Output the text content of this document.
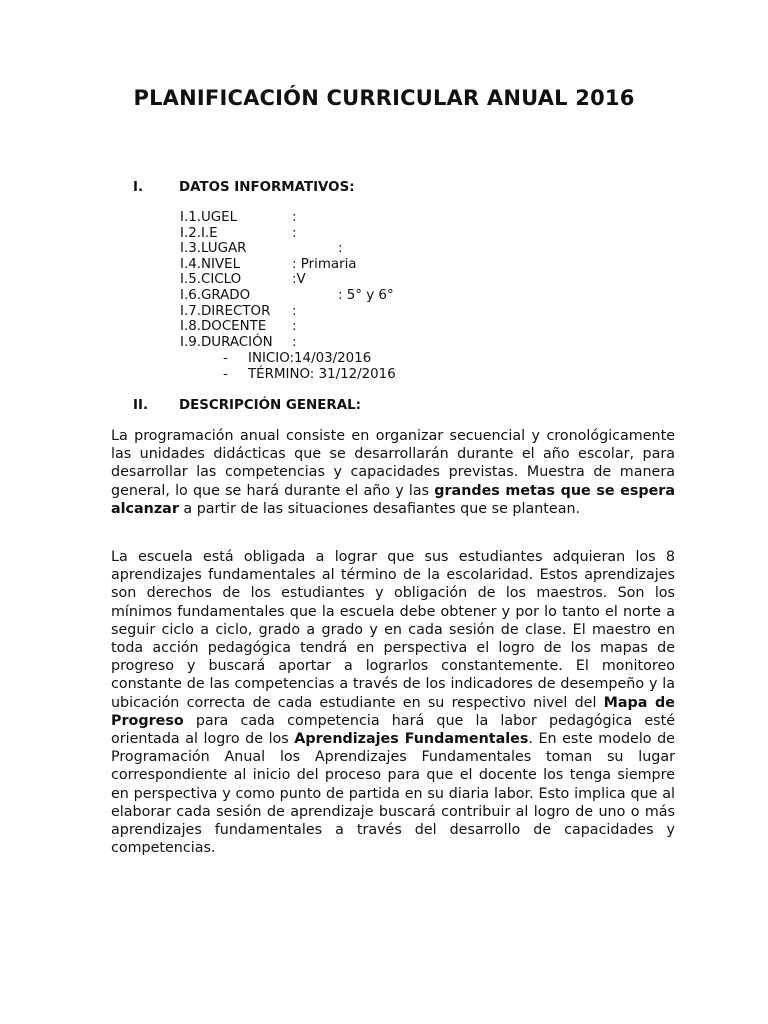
PLANIFICACIÓN CURRICULAR ANUAL 2016
I.	DATOS INFORMATIVOS:
I.1.UGEL	:
I.2.I.E	:
I.3.LUGAR	:
I.4.NIVEL	: Primaria
I.5.CICLO	:V
I.6.GRADO	: 5° y 6°
I.7.DIRECTOR :
I.8.DOCENTE :
I.9.DURACIÓN :
- INICIO:14/03/2016
- TÉRMINO: 31/12/2016
II. DESCRIPCIÓN GENERAL:

La programación anual consiste en organizar secuencial y cronológicamente las unidades didácticas que se desarrollarán durante el año escolar, para desarrollar las competencias y capacidades previstas. Muestra de manera general, lo que se hará durante el año y las grandes metas que se espera alcanzar a partir de las situaciones desafiantes que se plantean.

La escuela está obligada a lograr que sus estudiantes adquieran los 8 aprendizajes fundamentales al término de la escolaridad. Estos aprendizajes son derechos de los estudiantes y obligación de los maestros. Son los mínimos fundamentales que la escuela debe obtener y por lo tanto el norte a seguir ciclo a ciclo, grado a grado y en cada sesión de clase. El maestro en toda acción pedagógica tendrá en perspectiva el logro de los mapas de progreso y buscará aportar a lograrlos constantemente. El monitoreo constante de las competencias a través de los indicadores de desempeño y la ubicación correcta de cada estudiante en su respectivo nivel del Mapa de Progreso para cada competencia hará que la labor pedagógica esté orientada al logro de los Aprendizajes Fundamentales. En este modelo de Programación Anual los Aprendizajes Fundamentales toman su lugar correspondiente al inicio del proceso para que el docente los tenga siempre en perspectiva y como punto de partida en su diaria labor. Esto implica que al elaborar cada sesión de aprendizaje buscará contribuir al logro de uno o más aprendizajes fundamentales a través del desarrollo de capacidades y competencias.
